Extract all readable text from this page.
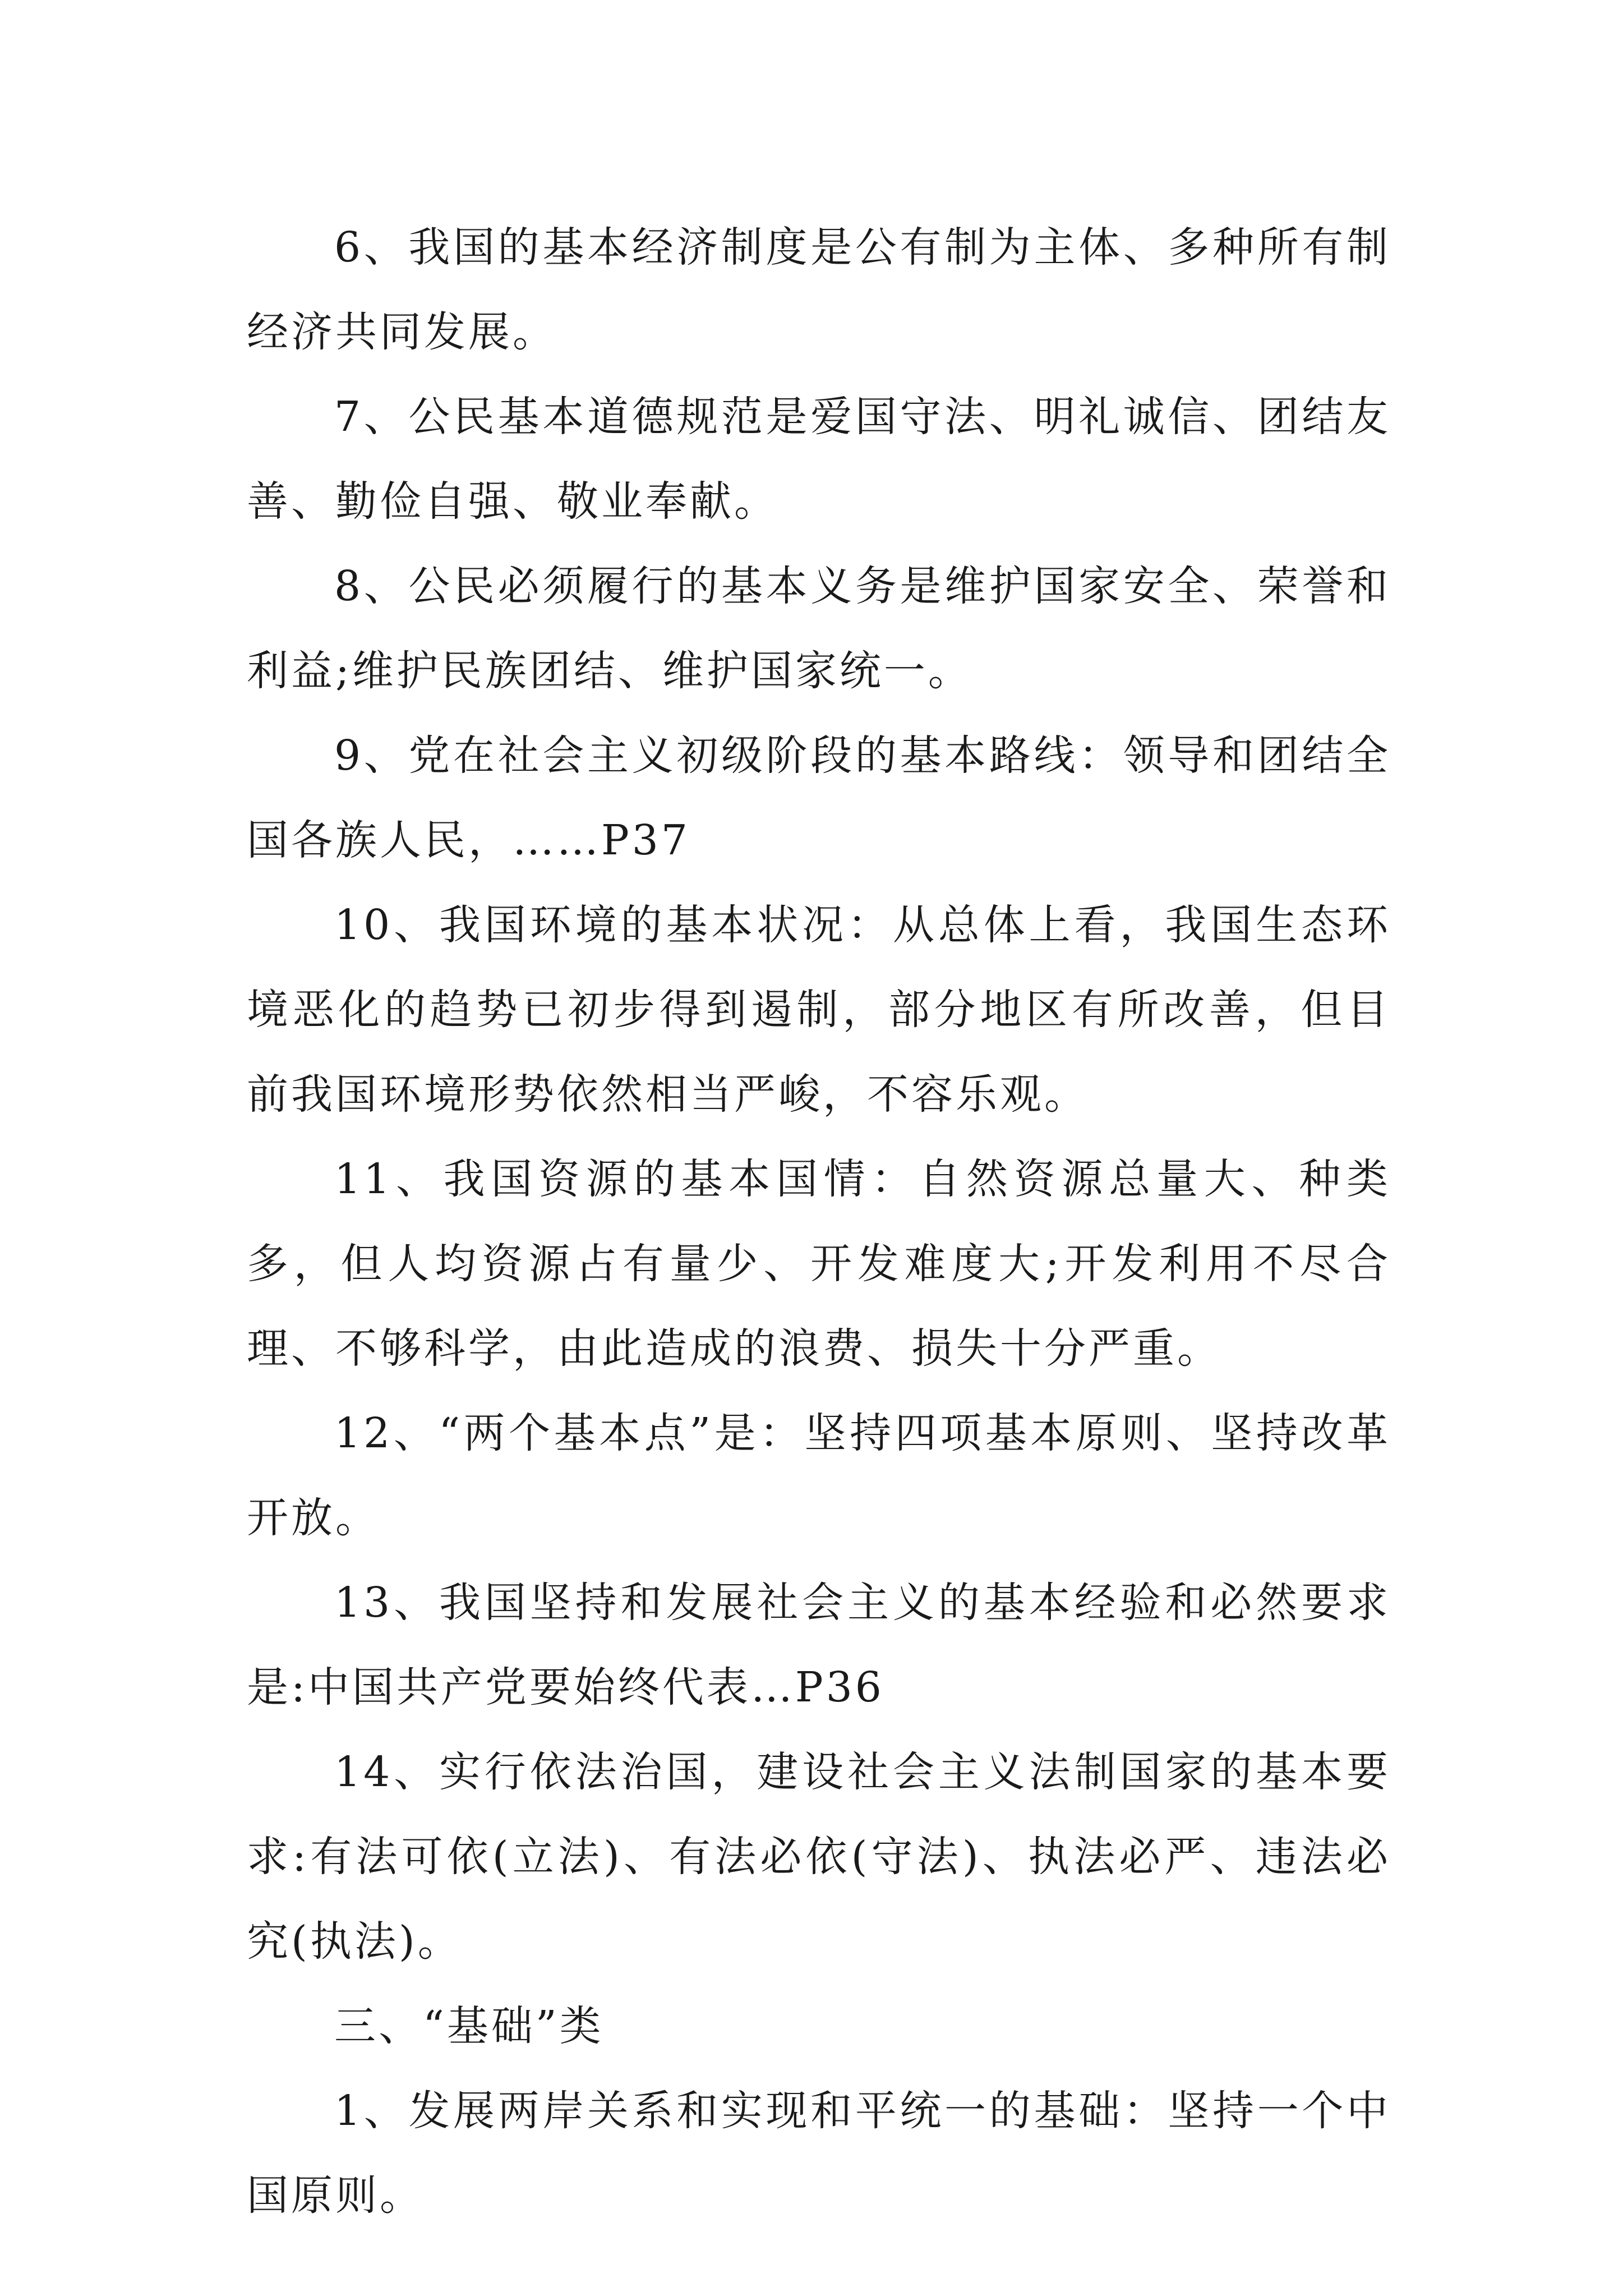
6、我国的基本经济制度是公有制为主体、多种所有制经济共同发展。

7、公民基本道德规范是爱国守法、明礼诚信、团结友善、勤俭自强、敬业奉献。

8、公民必须履行的基本义务是维护国家安全、荣誉和利益;维护民族团结、维护国家统一。

9、党在社会主义初级阶段的基本路线：领导和团结全国各族人民，……P37

10、我国环境的基本状况：从总体上看，我国生态环境恶化的趋势已初步得到遏制，部分地区有所改善，但目前我国环境形势依然相当严峻，不容乐观。

11、我国资源的基本国情：自然资源总量大、种类多，但人均资源占有量少、开发难度大;开发利用不尽合理、不够科学，由此造成的浪费、损失十分严重。

12、“两个基本点”是：坚持四项基本原则、坚持改革开放。

13、我国坚持和发展社会主义的基本经验和必然要求是:中国共产党要始终代表…P36

14、实行依法治国，建设社会主义法制国家的基本要求:有法可依(立法)、有法必依(守法)、执法必严、违法必究(执法)。

三、“基础”类

1、发展两岸关系和实现和平统一的基础：坚持一个中国原则。
